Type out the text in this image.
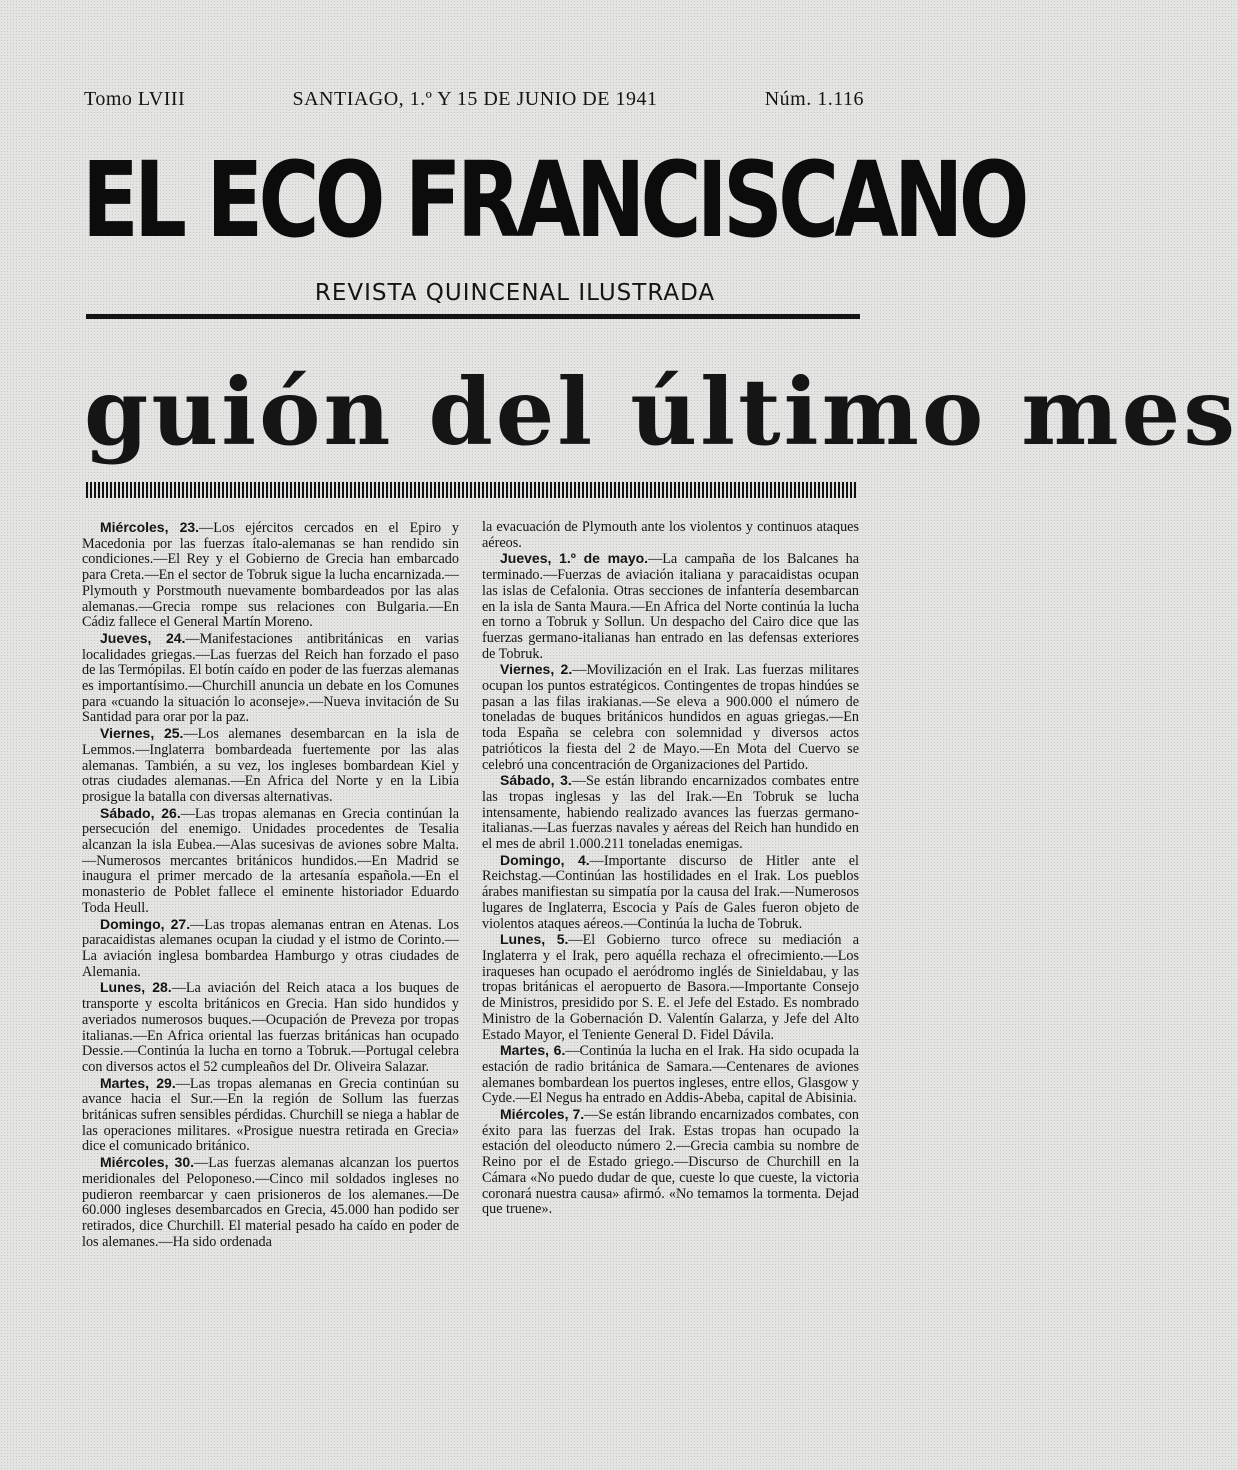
Tomo LVIII	SANTIAGO, 1.º Y 15 DE JUNIO DE 1941	Núm. 1.116
EL ECO FRANCISCANO
REVISTA QUINCENAL ILUSTRADA
guión del último mes

Miércoles, 23.—Los ejércitos cercados en el Epiro y Macedonia por las fuerzas ítalo-alemanas se han rendido sin condiciones.—El Rey y el Gobierno de Grecia han embarcado para Creta.—En el sector de Tobruk sigue la lucha encarnizada.—Plymouth y Porstmouth nuevamente bombardeados por las alas alemanas.—Grecia rompe sus relaciones con Bulgaria.—En Cádiz fallece el General Martín Moreno.

Jueves, 24.—Manifestaciones antibritánicas en varias localidades griegas.—Las fuerzas del Reich han forzado el paso de las Termópilas. El botín caído en poder de las fuerzas alemanas es importantísimo.—Churchill anuncia un debate en los Comunes para «cuando la situación lo aconseje».—Nueva invitación de Su Santidad para orar por la paz.

Viernes, 25.—Los alemanes desembarcan en la isla de Lemmos.—Inglaterra bombardeada fuertemente por las alas alemanas. También, a su vez, los ingleses bombardean Kiel y otras ciudades alemanas.—En Africa del Norte y en la Libia prosigue la batalla con diversas alternativas.

Sábado, 26.—Las tropas alemanas en Grecia continúan la persecución del enemigo. Unidades procedentes de Tesalia alcanzan la isla Eubea.—Alas sucesivas de aviones sobre Malta.—Numerosos mercantes británicos hundidos.—En Madrid se inaugura el primer mercado de la artesanía española.—En el monasterio de Poblet fallece el eminente historiador Eduardo Toda Heull.

Domingo, 27.—Las tropas alemanas entran en Atenas. Los paracaidistas alemanes ocupan la ciudad y el istmo de Corinto.—La aviación inglesa bombardea Hamburgo y otras ciudades de Alemania.

Lunes, 28.—La aviación del Reich ataca a los buques de transporte y escolta británicos en Grecia. Han sido hundidos y averiados numerosos buques.—Ocupación de Preveza por tropas italianas.—En Africa oriental las fuerzas británicas han ocupado Dessie.—Continúa la lucha en torno a Tobruk.—Portugal celebra con diversos actos el 52 cumpleaños del Dr. Oliveira Salazar.

Martes, 29.—Las tropas alemanas en Grecia continúan su avance hacia el Sur.—En la región de Sollum las fuerzas británicas sufren sensibles pérdidas. Churchill se niega a hablar de las operaciones militares. «Prosigue nuestra retirada en Grecia» dice el comunicado británico.

Miércoles, 30.—Las fuerzas alemanas alcanzan los puertos meridionales del Peloponeso.—Cinco mil soldados ingleses no pudieron reembarcar y caen prisioneros de los alemanes.—De 60.000 ingleses desembarcados en Grecia, 45.000 han podido ser retirados, dice Churchill. El material pesado ha caído en poder de los alemanes.—Ha sido ordenada

la evacuación de Plymouth ante los violentos y continuos ataques aéreos.

Jueves, 1.º de mayo.—La campaña de los Balcanes ha terminado.—Fuerzas de aviación italiana y paracaidistas ocupan las islas de Cefalonia. Otras secciones de infantería desembarcan en la isla de Santa Maura.—En Africa del Norte continúa la lucha en torno a Tobruk y Sollun. Un despacho del Cairo dice que las fuerzas germano-italianas han entrado en las defensas exteriores de Tobruk.

Viernes, 2.—Movilización en el Irak. Las fuerzas militares ocupan los puntos estratégicos. Contingentes de tropas hindúes se pasan a las filas irakianas.—Se eleva a 900.000 el número de toneladas de buques británicos hundidos en aguas griegas.—En toda España se celebra con solemnidad y diversos actos patrióticos la fiesta del 2 de Mayo.—En Mota del Cuervo se celebró una concentración de Organizaciones del Partido.

Sábado, 3.—Se están librando encarnizados combates entre las tropas inglesas y las del Irak.—En Tobruk se lucha intensamente, habiendo realizado avances las fuerzas germano-italianas.—Las fuerzas navales y aéreas del Reich han hundido en el mes de abril 1.000.211 toneladas enemigas.

Domingo, 4.—Importante discurso de Hitler ante el Reichstag.—Continúan las hostilidades en el Irak. Los pueblos árabes manifiestan su simpatía por la causa del Irak.—Numerosos lugares de Inglaterra, Escocia y País de Gales fueron objeto de violentos ataques aéreos.—Continúa la lucha de Tobruk.

Lunes, 5.—El Gobierno turco ofrece su mediación a Inglaterra y el Irak, pero aquélla rechaza el ofrecimiento.—Los iraqueses han ocupado el aeródromo inglés de Sinieldabau, y las tropas británicas el aeropuerto de Basora.—Importante Consejo de Ministros, presidido por S. E. el Jefe del Estado. Es nombrado Ministro de la Gobernación D. Valentín Galarza, y Jefe del Alto Estado Mayor, el Teniente General D. Fidel Dávila.

Martes, 6.—Continúa la lucha en el Irak. Ha sido ocupada la estación de radio británica de Samara.—Centenares de aviones alemanes bombardean los puertos ingleses, entre ellos, Glasgow y Cyde.—El Negus ha entrado en Addis-Abeba, capital de Abisinia.

Miércoles, 7.—Se están librando encarnizados combates, con éxito para las fuerzas del Irak. Estas tropas han ocupado la estación del oleoducto número 2.—Grecia cambia su nombre de Reino por el de Estado griego.—Discurso de Churchill en la Cámara «No puedo dudar de que, cueste lo que cueste, la victoria coronará nuestra causa» afirmó. «No temamos la tormenta. Dejad que truene».
